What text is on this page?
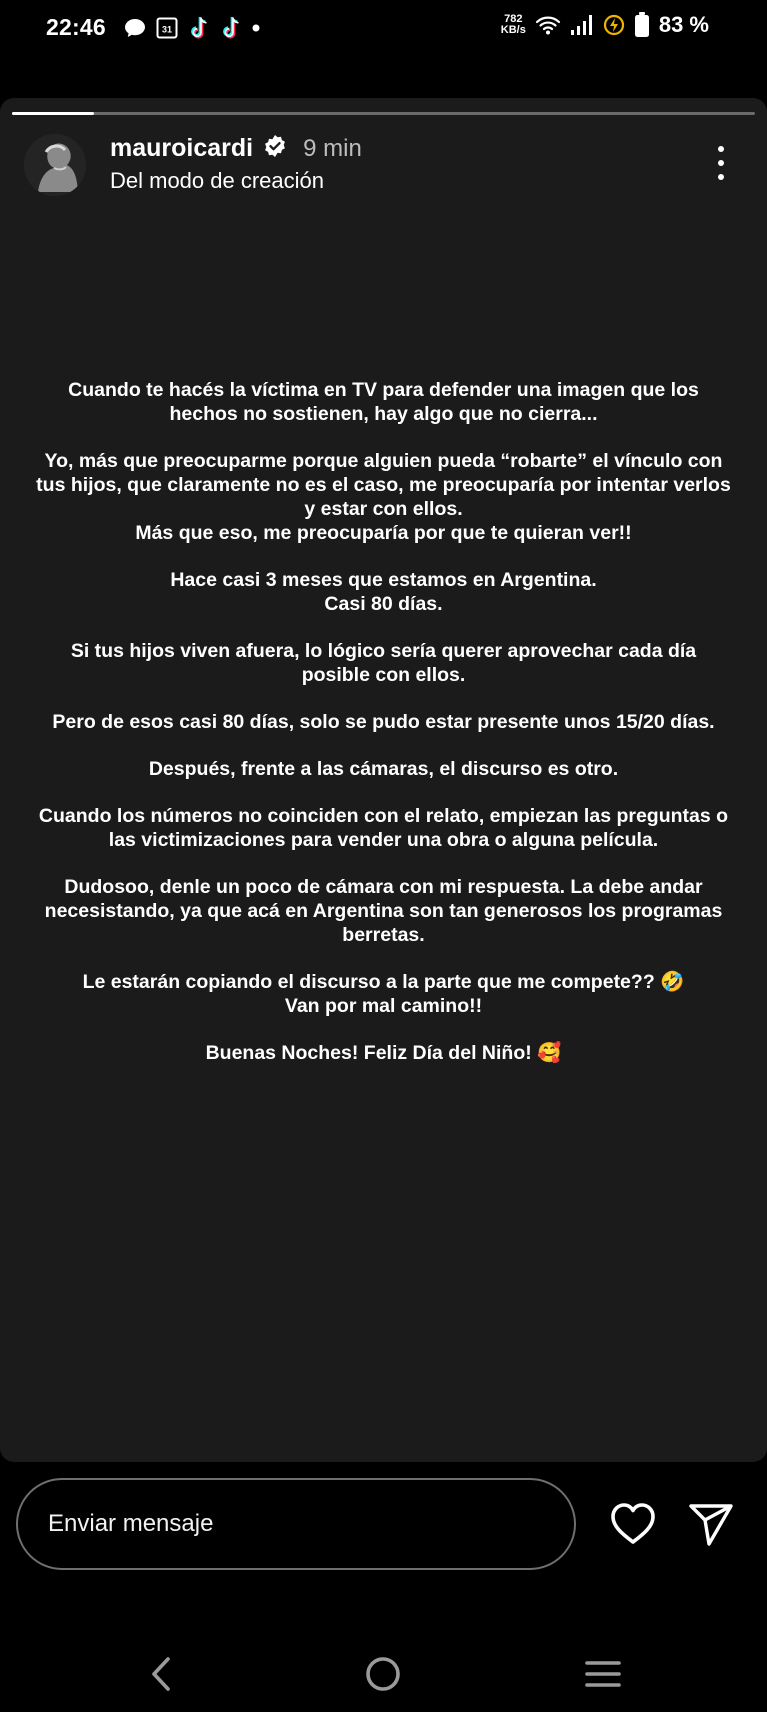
22:46	31
782
KB/s	83 %
mauroicardi 9 min
Del modo de creación

Cuando te hacés la víctima en TV para defender una imagen que los hechos no sostienen, hay algo que no cierra...

Yo, más que preocuparme porque alguien pueda “robarte” el vínculo con tus hijos, que claramente no es el caso, me preocuparía por intentar verlos y estar con ellos.
Más que eso, me preocuparía por que te quieran ver!!

Hace casi 3 meses que estamos en Argentina.
Casi 80 días.

Si tus hijos viven afuera, lo lógico sería querer aprovechar cada día posible con ellos.

Pero de esos casi 80 días, solo se pudo estar presente unos 15/20 días.

Después, frente a las cámaras, el discurso es otro.

Cuando los números no coinciden con el relato, empiezan las preguntas o las victimizaciones para vender una obra o alguna película.

Dudosoo, denle un poco de cámara con mi respuesta. La debe andar necesistando, ya que acá en Argentina son tan generosos los programas berretas.

Le estarán copiando el discurso a la parte que me compete?? 🤣
Van por mal camino!!

Buenas Noches! Feliz Día del Niño! 🥰

Enviar mensaje
